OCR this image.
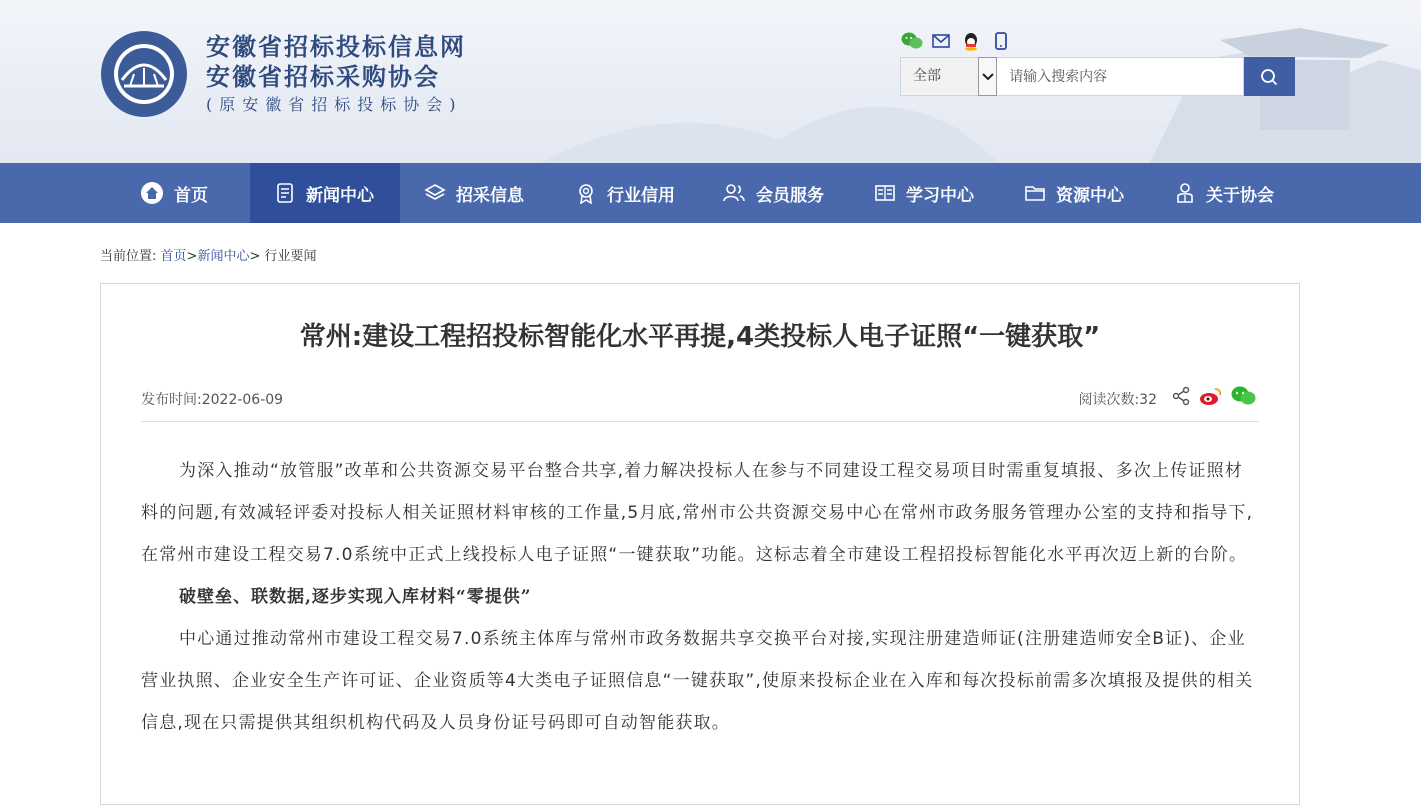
安徽省招标投标信息网
安徽省招标采购协会
(原安徽省招标投标协会)
全部
请输入搜索内容
首页	新闻中心	招采信息	行业信用	会员服务	学习中心	资源中心	关于协会
当前位置: 首页>新闻中心> 行业要闻
常州:建设工程招投标智能化水平再提,4类投标人电子证照“一键获取”
发布时间:2022-06-09	阅读次数:32

为深入推动“放管服”改革和公共资源交易平台整合共享,着力解决投标人在参与不同建设工程交易项目时需重复填报、多次上传证照材料的问题,有效减轻评委对投标人相关证照材料审核的工作量,5月底,常州市公共资源交易中心在常州市政务服务管理办公室的支持和指导下,在常州市建设工程交易7.0系统中正式上线投标人电子证照“一键获取”功能。这标志着全市建设工程招投标智能化水平再次迈上新的台阶。

破壁垒、联数据,逐步实现入库材料“零提供”

中心通过推动常州市建设工程交易7.0系统主体库与常州市政务数据共享交换平台对接,实现注册建造师证(注册建造师安全B证)、企业营业执照、企业安全生产许可证、企业资质等4大类电子证照信息“一键获取”,使原来投标企业在入库和每次投标前需多次填报及提供的相关信息,现在只需提供其组织机构代码及人员身份证号码即可自动智能获取。
